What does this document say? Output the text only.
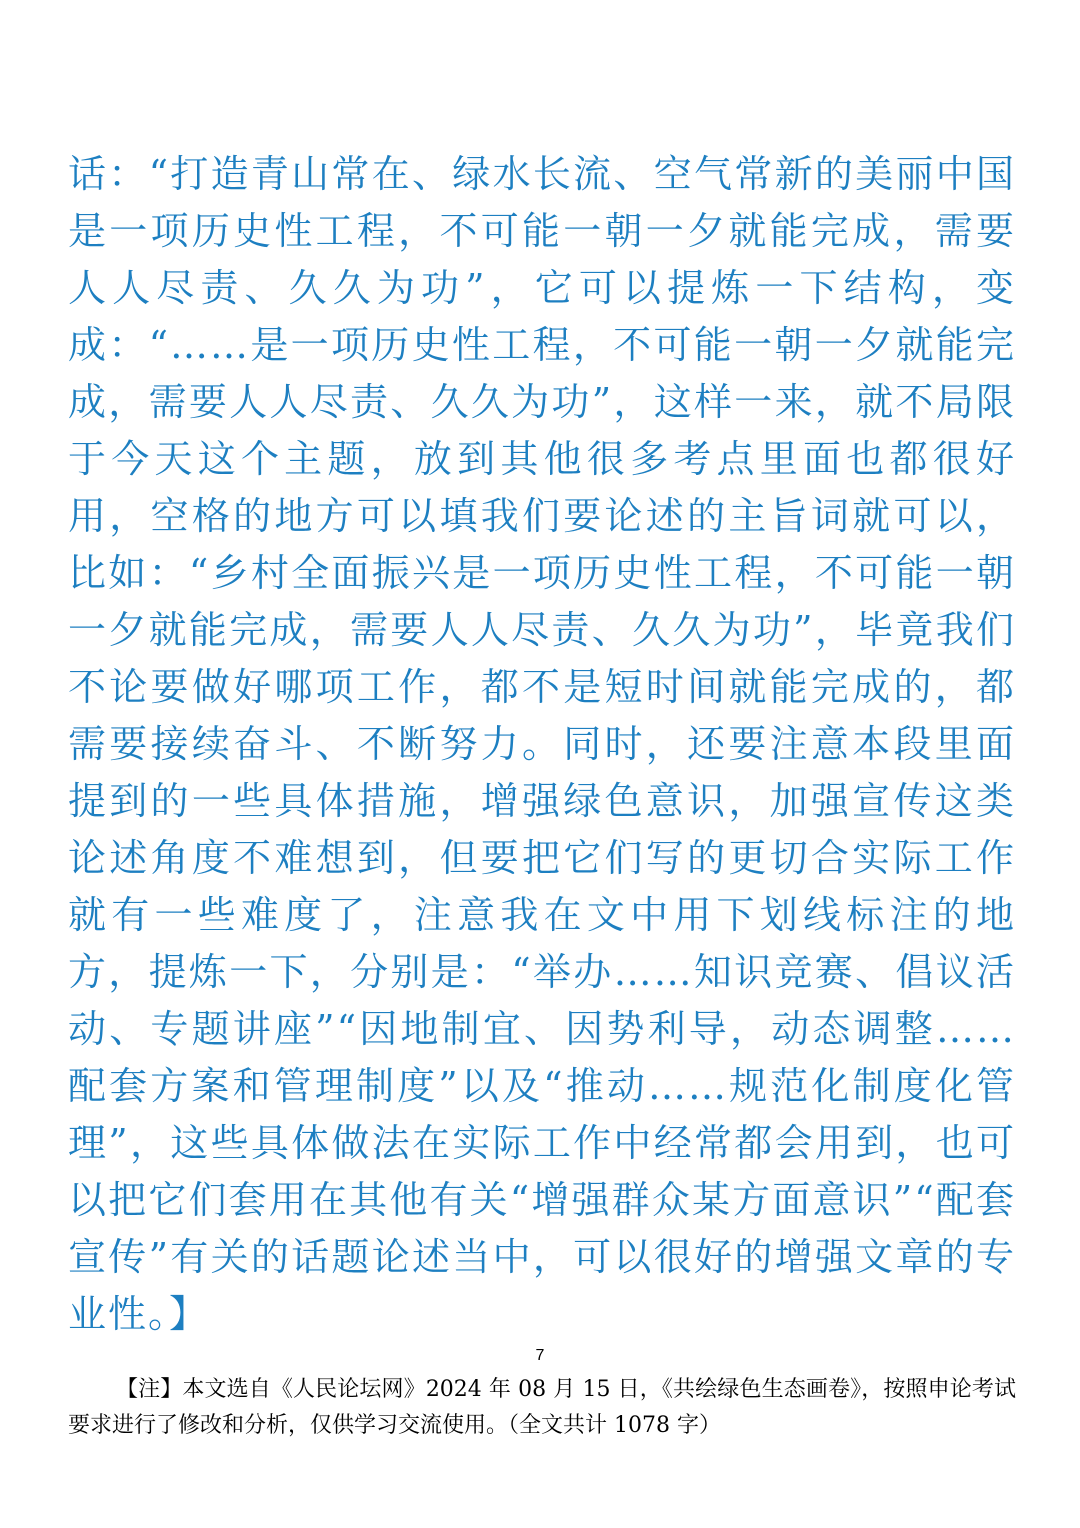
话：“打造青山常在、绿水长流、空气常新的美丽中国是一项历史性工程，不可能一朝一夕就能完成，需要人人尽责、久久为功”，它可以提炼一下结构，变成：“……是一项历史性工程，不可能一朝一夕就能完成，需要人人尽责、久久为功”，这样一来，就不局限于今天这个主题，放到其他很多考点里面也都很好用，空格的地方可以填我们要论述的主旨词就可以，比如：“乡村全面振兴是一项历史性工程，不可能一朝一夕就能完成，需要人人尽责、久久为功”，毕竟我们不论要做好哪项工作，都不是短时间就能完成的，都需要接续奋斗、不断努力。同时，还要注意本段里面提到的一些具体措施，增强绿色意识，加强宣传这类论述角度不难想到，但要把它们写的更切合实际工作就有一些难度了，注意我在文中用下划线标注的地方，提炼一下，分别是：“举办……知识竞赛、倡议活动、专题讲座”“因地制宜、因势利导，动态调整……配套方案和管理制度”以及“推动……规范化制度化管理”，这些具体做法在实际工作中经常都会用到，也可以把它们套用在其他有关“增强群众某方面意识”“配套宣传”有关的话题论述当中，可以很好的增强文章的专业性。】

7

【注】本文选自《人民论坛网》2024 年 08 月 15 日，《共绘绿色生态画卷》，按照申论考试要求进行了修改和分析，仅供学习交流使用。（全文共计 1078 字）
